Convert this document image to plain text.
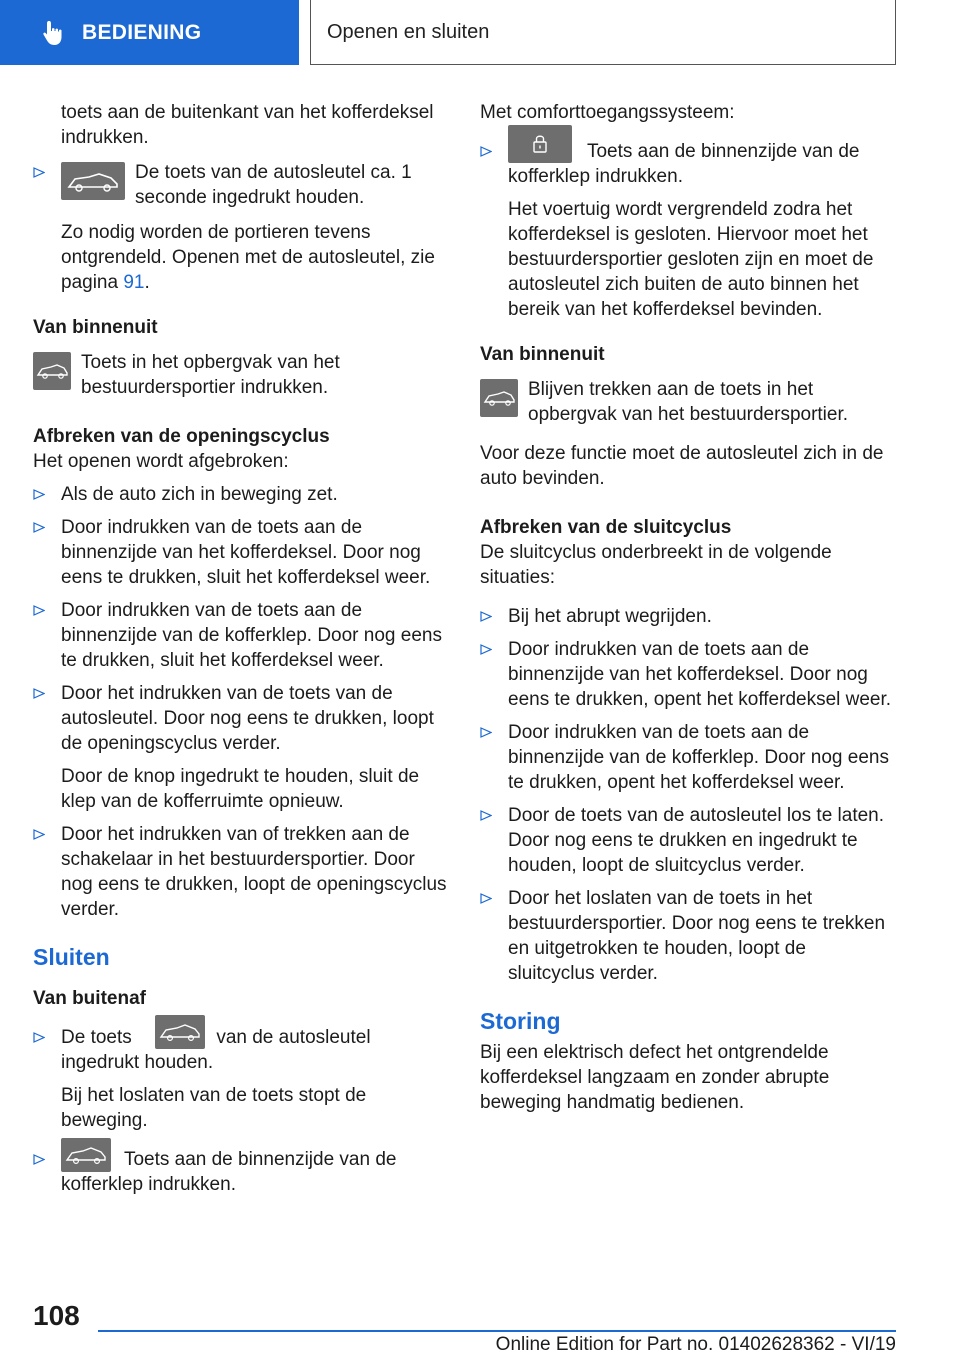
BEDIENING	Openen en sluiten

toets aan de buitenkant van het kofferdeksel indrukken.

De toets van de autosleutel ca. 1 seconde ingedrukt houden.

Zo nodig worden de portieren tevens ontgrendeld. Openen met de autosleutel, zie pagina 91.

Van binnenuit
Toets in het opbergvak van het bestuurdersportier indrukken.
Afbreken van de openingscyclus

Het openen wordt afgebroken:

Als de auto zich in beweging zet.
Door indrukken van de toets aan de binnenzijde van het kofferdeksel. Door nog eens te drukken, sluit het kofferdeksel weer.
Door indrukken van de toets aan de binnenzijde van de kofferklep. Door nog eens te drukken, sluit het kofferdeksel weer.
Door het indrukken van de toets van de autosleutel. Door nog eens te drukken, loopt de openingscyclus verder.
Door de knop ingedrukt te houden, sluit de klep van de kofferruimte opnieuw.
Door het indrukken van of trekken aan de schakelaar in het bestuurdersportier. Door nog eens te drukken, loopt de openingscyclus verder.
Sluiten
Van buitenaf
De toets	van de autosleutel ingedrukt houden.
Bij het loslaten van de toets stopt de beweging.
Toets aan de binnenzijde van de kofferklep indrukken.

Met comforttoegangssysteem:

Toets aan de binnenzijde van de kofferklep indrukken.
Het voertuig wordt vergrendeld zodra het kofferdeksel is gesloten. Hiervoor moet het bestuurdersportier gesloten zijn en moet de autosleutel zich buiten de auto binnen het bereik van het kofferdeksel bevinden.
Van binnenuit
Blijven trekken aan de toets in het opbergvak van het bestuurdersportier.

Voor deze functie moet de autosleutel zich in de auto bevinden.

Afbreken van de sluitcyclus

De sluitcyclus onderbreekt in de volgende situaties:

Bij het abrupt wegrijden.
Door indrukken van de toets aan de binnenzijde van het kofferdeksel. Door nog eens te drukken, opent het kofferdeksel weer.
Door indrukken van de toets aan de binnenzijde van de kofferklep. Door nog eens te drukken, opent het kofferdeksel weer.
Door de toets van de autosleutel los te laten. Door nog eens te drukken en ingedrukt te houden, loopt de sluitcyclus verder.
Door het loslaten van de toets in het bestuurdersportier. Door nog eens te trekken en uitgetrokken te houden, loopt de sluitcyclus verder.
Storing

Bij een elektrisch defect het ontgrendelde kofferdeksel langzaam en zonder abrupte beweging handmatig bedienen.

108
Online Edition for Part no. 01402628362 - VI/19
